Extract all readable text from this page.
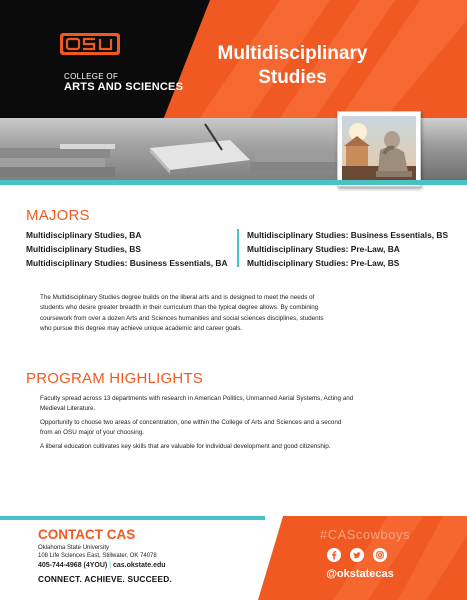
COLLEGE OF
ARTS AND SCIENCES
Multidisciplinary
Studies
MAJORS
Multidisciplinary Studies, BA
Multidisciplinary Studies, BS
Multidisciplinary Studies: Business Essentials, BA
Multidisciplinary Studies: Business Essentials, BS
Multidisciplinary Studies: Pre-Law, BA
Multidisciplinary Studies: Pre-Law, BS
The Multidisciplinary Studies degree builds on the liberal arts and is designed to meet the needs of
students who desire greater breadth in their curriculum than the typical degree allows. By combining
coursework from over a dozen Arts and Sciences humanities and social sciences disciplines, students
who pursue this degree may achieve unique academic and career goals.
PROGRAM HIGHLIGHTS
Faculty spread across 13 departments with research in American Politics, Unmanned Aerial Systems, Acting and
Medieval Literature.
Opportunity to choose two areas of concentration, one within the College of Arts and Sciences and a second
from an OSU major of your choosing.
A liberal education cultivates key skills that are valuable for individual development and good citizenship.
CONTACT CAS
Oklahoma State University
108 Life Sciences East, Stillwater, OK 74078
405-744-4968 (4YOU) | cas.okstate.edu
CONNECT. ACHIEVE. SUCCEED.
#CAScowboys
@okstatecas
